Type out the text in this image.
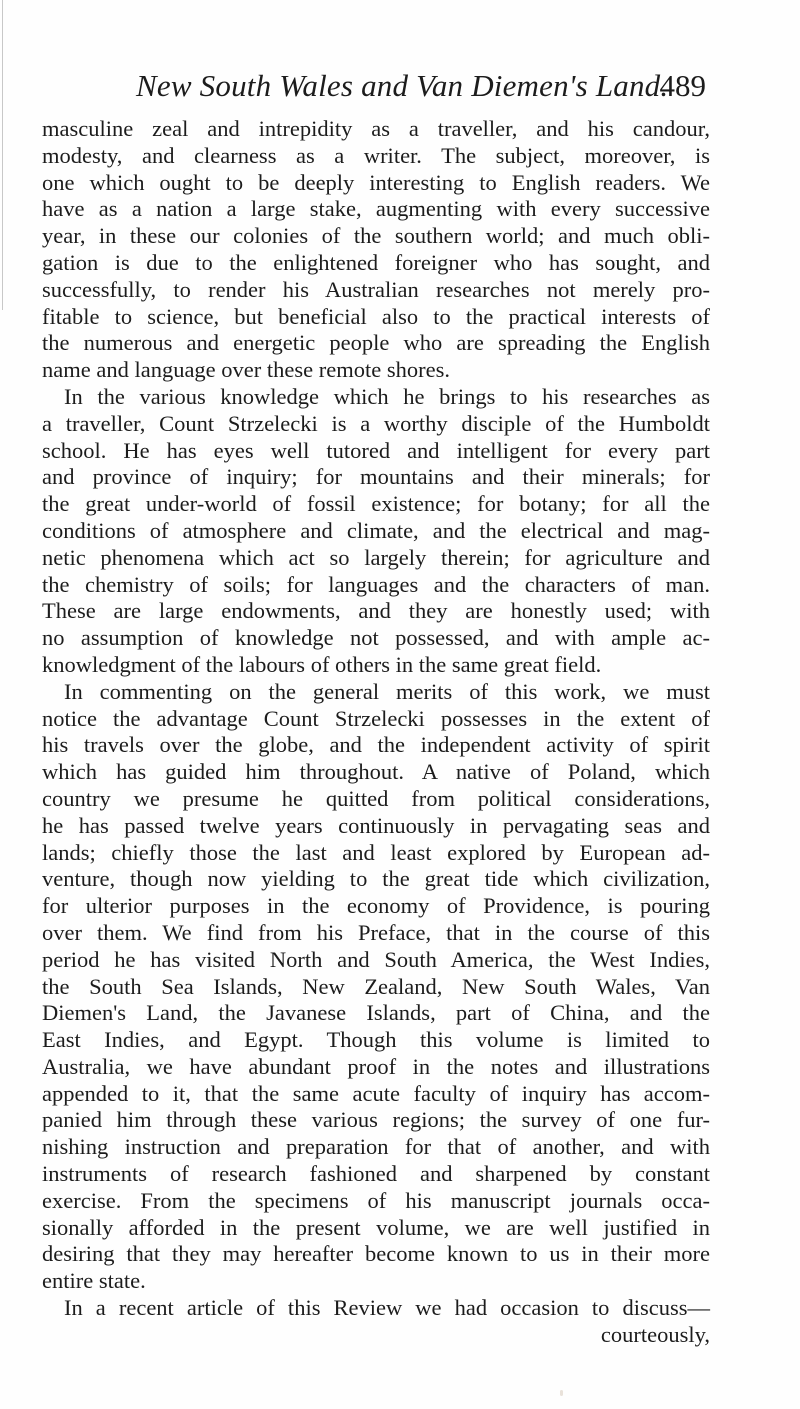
New South Wales and Van Diemen's Land.
489
masculine zeal and intrepidity as a traveller, and his candour,
modesty, and clearness as a writer. The subject, moreover, is
one which ought to be deeply interesting to English readers. We
have as a nation a large stake, augmenting with every successive
year, in these our colonies of the southern world; and much obli-
gation is due to the enlightened foreigner who has sought, and
successfully, to render his Australian researches not merely pro-
fitable to science, but beneficial also to the practical interests of
the numerous and energetic people who are spreading the English
name and language over these remote shores.
In the various knowledge which he brings to his researches as
a traveller, Count Strzelecki is a worthy disciple of the Humboldt
school. He has eyes well tutored and intelligent for every part
and province of inquiry; for mountains and their minerals; for
the great under-world of fossil existence; for botany; for all the
conditions of atmosphere and climate, and the electrical and mag-
netic phenomena which act so largely therein; for agriculture and
the chemistry of soils; for languages and the characters of man.
These are large endowments, and they are honestly used; with
no assumption of knowledge not possessed, and with ample ac-
knowledgment of the labours of others in the same great field.
In commenting on the general merits of this work, we must
notice the advantage Count Strzelecki possesses in the extent of
his travels over the globe, and the independent activity of spirit
which has guided him throughout. A native of Poland, which
country we presume he quitted from political considerations,
he has passed twelve years continuously in pervagating seas and
lands; chiefly those the last and least explored by European ad-
venture, though now yielding to the great tide which civilization,
for ulterior purposes in the economy of Providence, is pouring
over them. We find from his Preface, that in the course of this
period he has visited North and South America, the West Indies,
the South Sea Islands, New Zealand, New South Wales, Van
Diemen's Land, the Javanese Islands, part of China, and the
East Indies, and Egypt. Though this volume is limited to
Australia, we have abundant proof in the notes and illustrations
appended to it, that the same acute faculty of inquiry has accom-
panied him through these various regions; the survey of one fur-
nishing instruction and preparation for that of another, and with
instruments of research fashioned and sharpened by constant
exercise. From the specimens of his manuscript journals occa-
sionally afforded in the present volume, we are well justified in
desiring that they may hereafter become known to us in their more
entire state.
In a recent article of this Review we had occasion to discuss—
courteously,
